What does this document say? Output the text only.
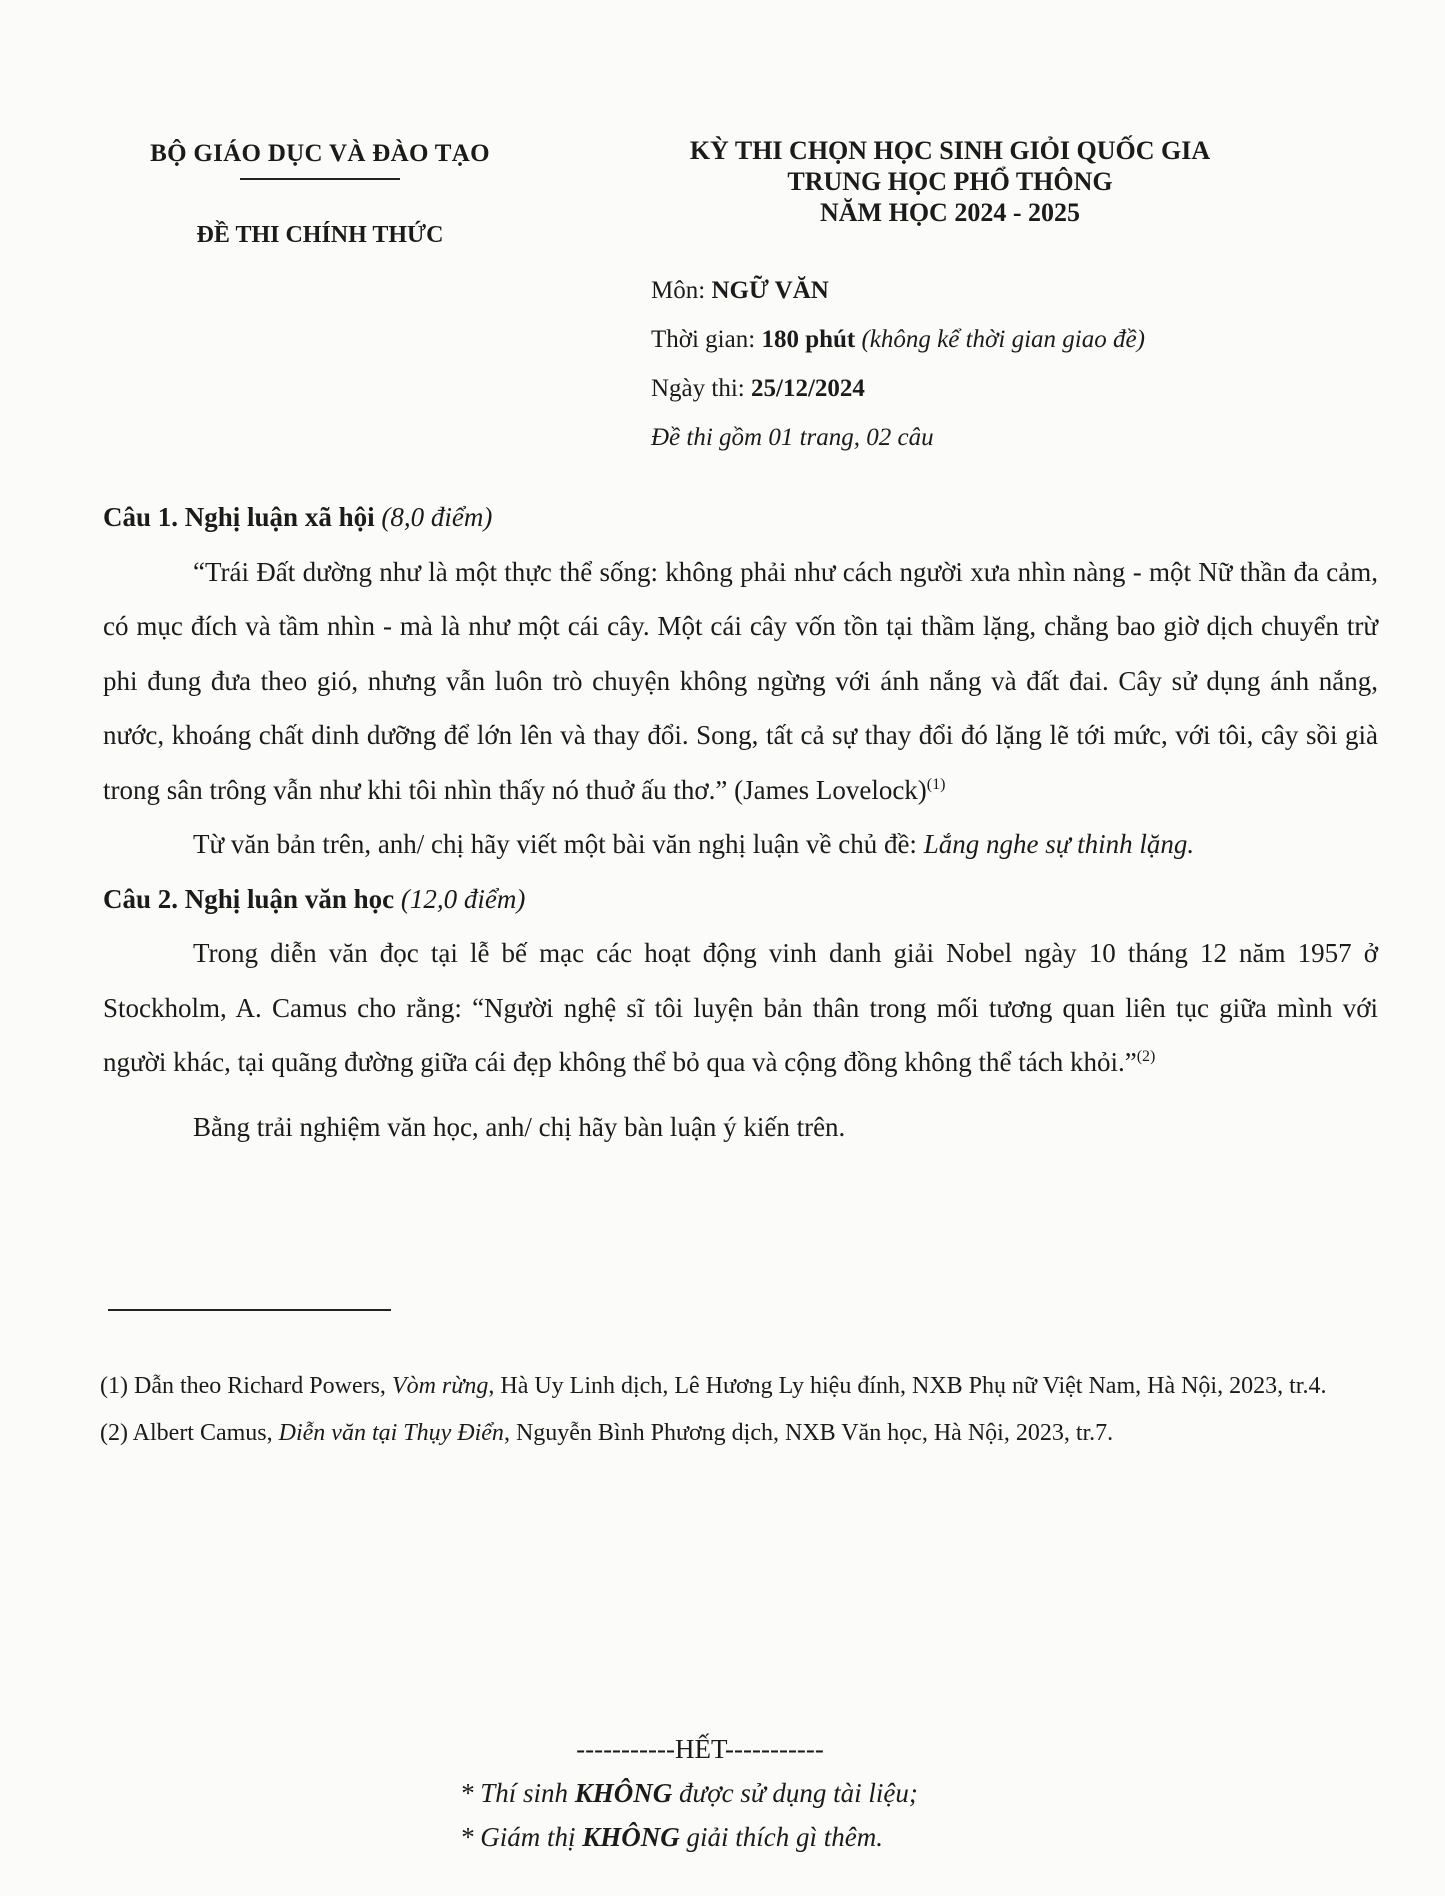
BỘ GIÁO DỤC VÀ ĐÀO TẠO
ĐỀ THI CHÍNH THỨC
KỲ THI CHỌN HỌC SINH GIỎI QUỐC GIA
TRUNG HỌC PHỔ THÔNG
NĂM HỌC 2024 - 2025
Môn: NGỮ VĂN
Thời gian: 180 phút (không kể thời gian giao đề)
Ngày thi: 25/12/2024
Đề thi gồm 01 trang, 02 câu
Câu 1. Nghị luận xã hội (8,0 điểm)

“Trái Đất dường như là một thực thể sống: không phải như cách người xưa nhìn nàng - một Nữ thần đa cảm, có mục đích và tầm nhìn - mà là như một cái cây. Một cái cây vốn tồn tại thầm lặng, chẳng bao giờ dịch chuyển trừ phi đung đưa theo gió, nhưng vẫn luôn trò chuyện không ngừng với ánh nắng và đất đai. Cây sử dụng ánh nắng, nước, khoáng chất dinh dưỡng để lớn lên và thay đổi. Song, tất cả sự thay đổi đó lặng lẽ tới mức, với tôi, cây sồi già trong sân trông vẫn như khi tôi nhìn thấy nó thuở ấu thơ.” (James Lovelock)$^{(1)}$

Từ văn bản trên, anh/ chị hãy viết một bài văn nghị luận về chủ đề: Lắng nghe sự thinh lặng.

Câu 2. Nghị luận văn học (12,0 điểm)

Trong diễn văn đọc tại lễ bế mạc các hoạt động vinh danh giải Nobel ngày 10 tháng 12 năm 1957 ở Stockholm, A. Camus cho rằng: “Người nghệ sĩ tôi luyện bản thân trong mối tương quan liên tục giữa mình với người khác, tại quãng đường giữa cái đẹp không thể bỏ qua và cộng đồng không thể tách khỏi.”$^{(2)}$

Bằng trải nghiệm văn học, anh/ chị hãy bàn luận ý kiến trên.

(1) Dẫn theo Richard Powers, Vòm rừng, Hà Uy Linh dịch, Lê Hương Ly hiệu đính, NXB Phụ nữ Việt Nam, Hà Nội, 2023, tr.4.

(2) Albert Camus, Diễn văn tại Thụy Điển, Nguyễn Bình Phương dịch, NXB Văn học, Hà Nội, 2023, tr.7.

-----------HẾT-----------
* Thí sinh KHÔNG được sử dụng tài liệu;
* Giám thị KHÔNG giải thích gì thêm.
